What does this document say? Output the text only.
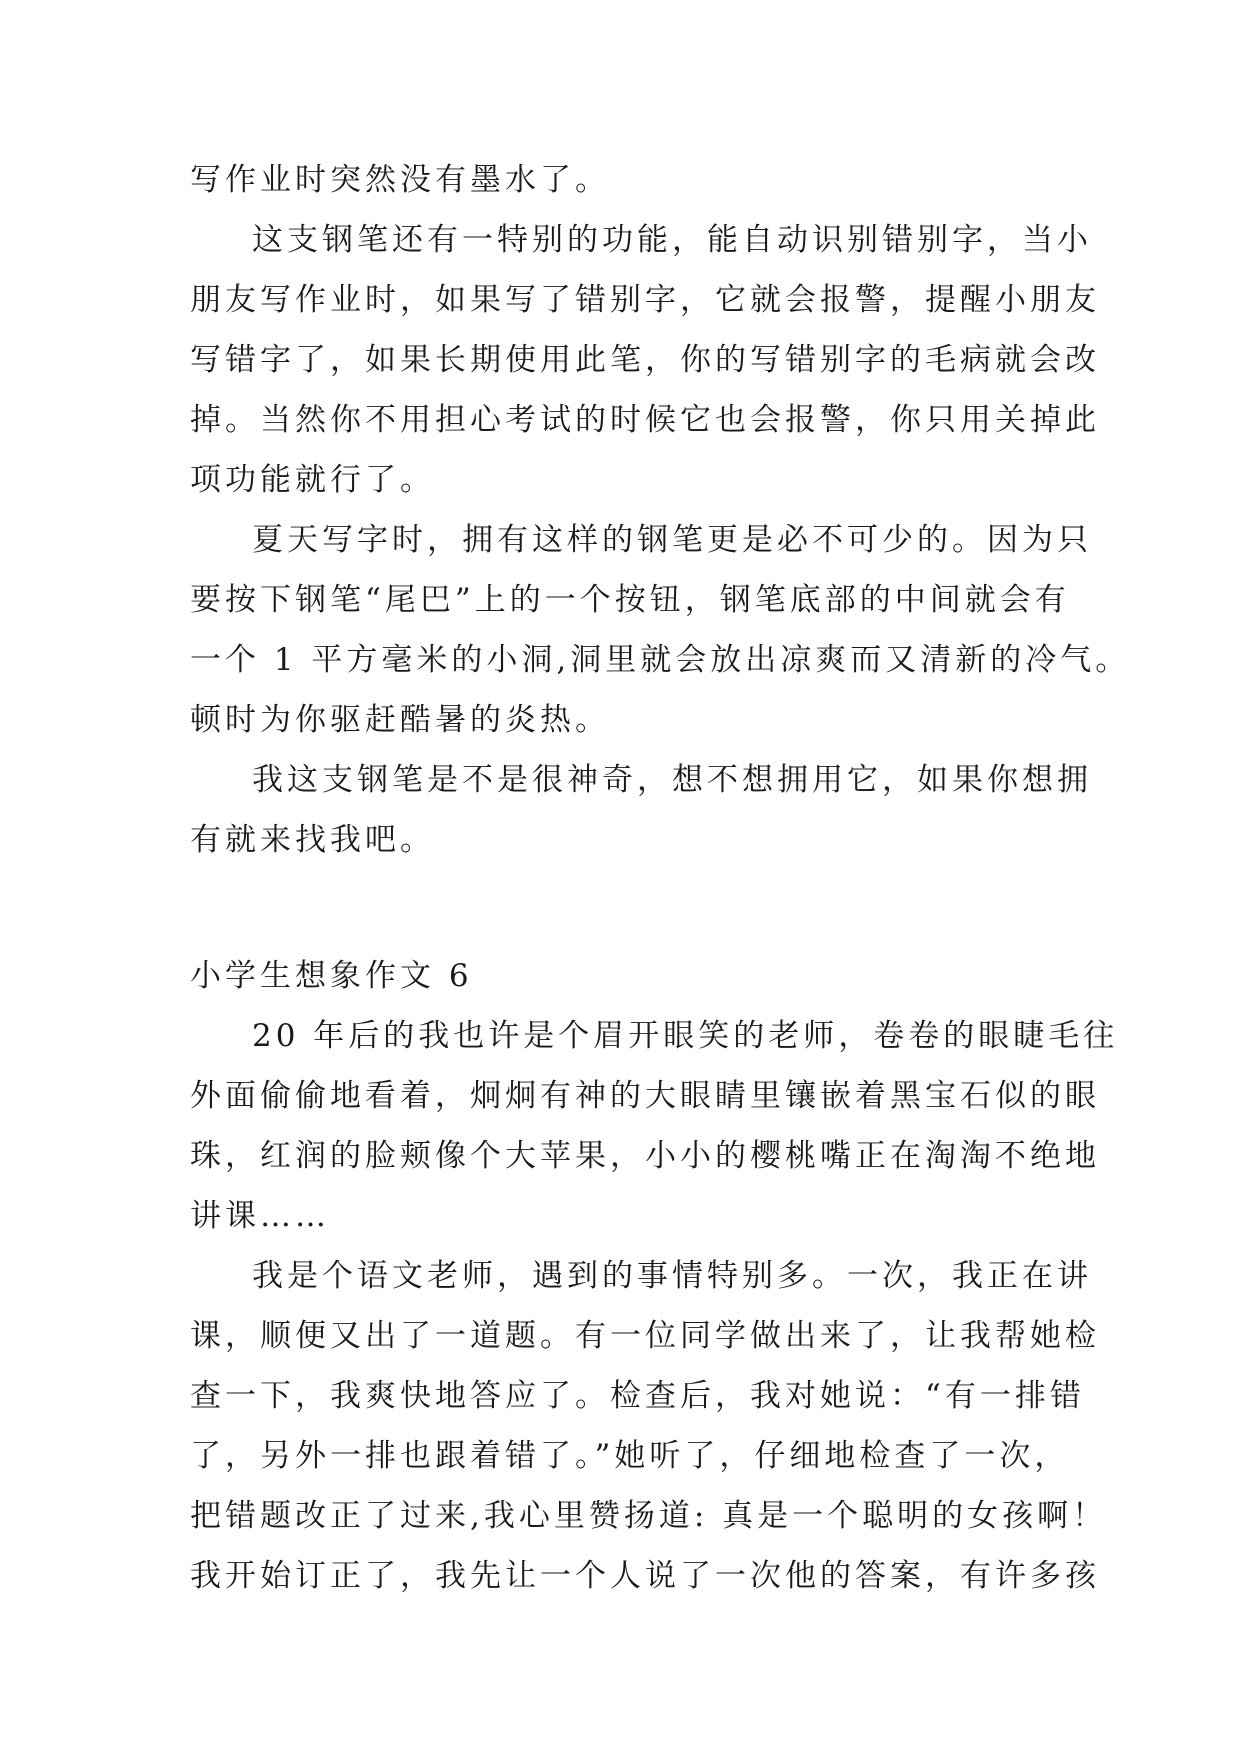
写作业时突然没有墨水了。
这支钢笔还有一特别的功能，能自动识别错别字，当小
朋友写作业时，如果写了错别字，它就会报警，提醒小朋友
写错字了，如果长期使用此笔，你的写错别字的毛病就会改
掉。当然你不用担心考试的时候它也会报警，你只用关掉此
项功能就行了。
夏天写字时，拥有这样的钢笔更是必不可少的。因为只
要按下钢笔“尾巴”上的一个按钮，钢笔底部的中间就会有
一个 1 平方毫米的小洞,洞里就会放出凉爽而又清新的冷气。
顿时为你驱赶酷暑的炎热。
我这支钢笔是不是很神奇，想不想拥用它，如果你想拥
有就来找我吧。
小学生想象作文 6
20 年后的我也许是个眉开眼笑的老师，卷卷的眼睫毛往
外面偷偷地看着，炯炯有神的大眼睛里镶嵌着黑宝石似的眼
珠，红润的脸颊像个大苹果，小小的樱桃嘴正在淘淘不绝地
讲课……
我是个语文老师，遇到的事情特别多。一次，我正在讲
课，顺便又出了一道题。有一位同学做出来了，让我帮她检
查一下，我爽快地答应了。检查后，我对她说：“有一排错
了，另外一排也跟着错了。”她听了，仔细地检查了一次，
把错题改正了过来,我心里赞扬道: 真是一个聪明的女孩啊！
我开始订正了，我先让一个人说了一次他的答案，有许多孩
